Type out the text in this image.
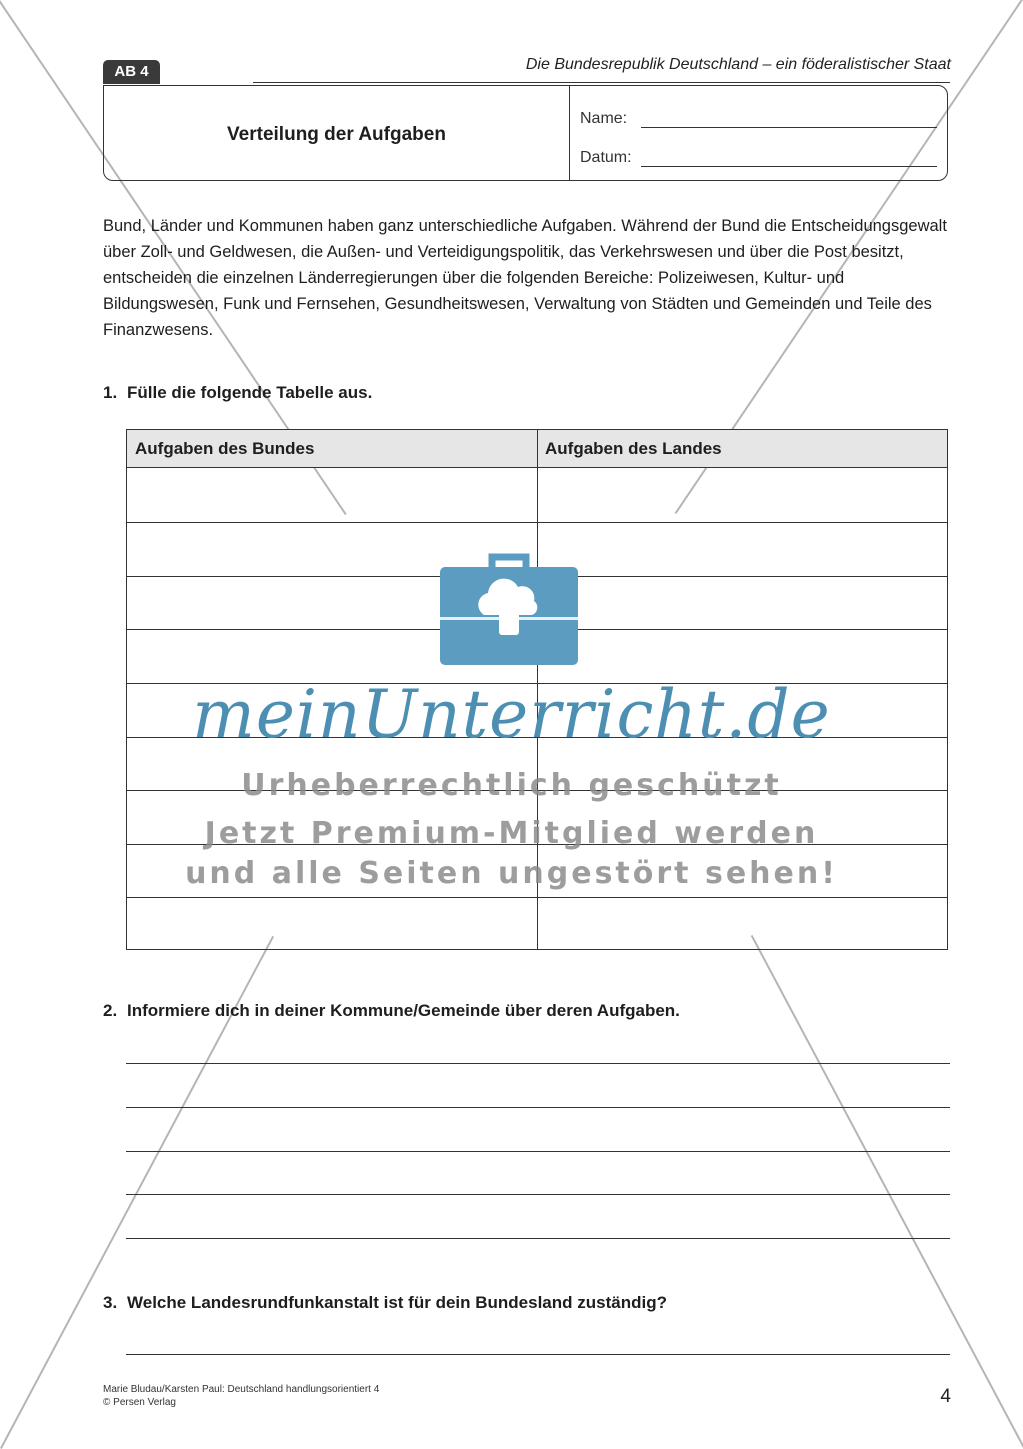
AB 4	Die Bundesrepublik Deutschland – ein föderalistischer Staat
Verteilung der Aufgaben
Name:
Datum:
Bund, Länder und Kommunen haben ganz unterschiedliche Aufgaben. Während der Bund die Entscheidungsgewalt über Zoll- und Geldwesen, die Außen- und Verteidigungspolitik, das Verkehrswesen und über die Post besitzt, entscheiden die einzelnen Länderregierungen über die folgenden Bereiche: Polizeiwesen, Kultur- und Bildungswesen, Funk und Fernsehen, Gesundheitswesen, Verwaltung von Städten und Gemeinden und Teile des Finanzwesens.
1. Fülle die folgende Tabelle aus.
Aufgaben des Bundes	Aufgaben des Landes
2. Informiere dich in deiner Kommune/Gemeinde über deren Aufgaben.
3. Welche Landesrundfunkanstalt ist für dein Bundesland zuständig?
meinUnterricht.de
Urheberrechtlich geschützt
Jetzt Premium-Mitglied werden
und alle Seiten ungestört sehen!
Marie Bludau/Karsten Paul: Deutschland handlungsorientiert 4
© Persen Verlag	4
